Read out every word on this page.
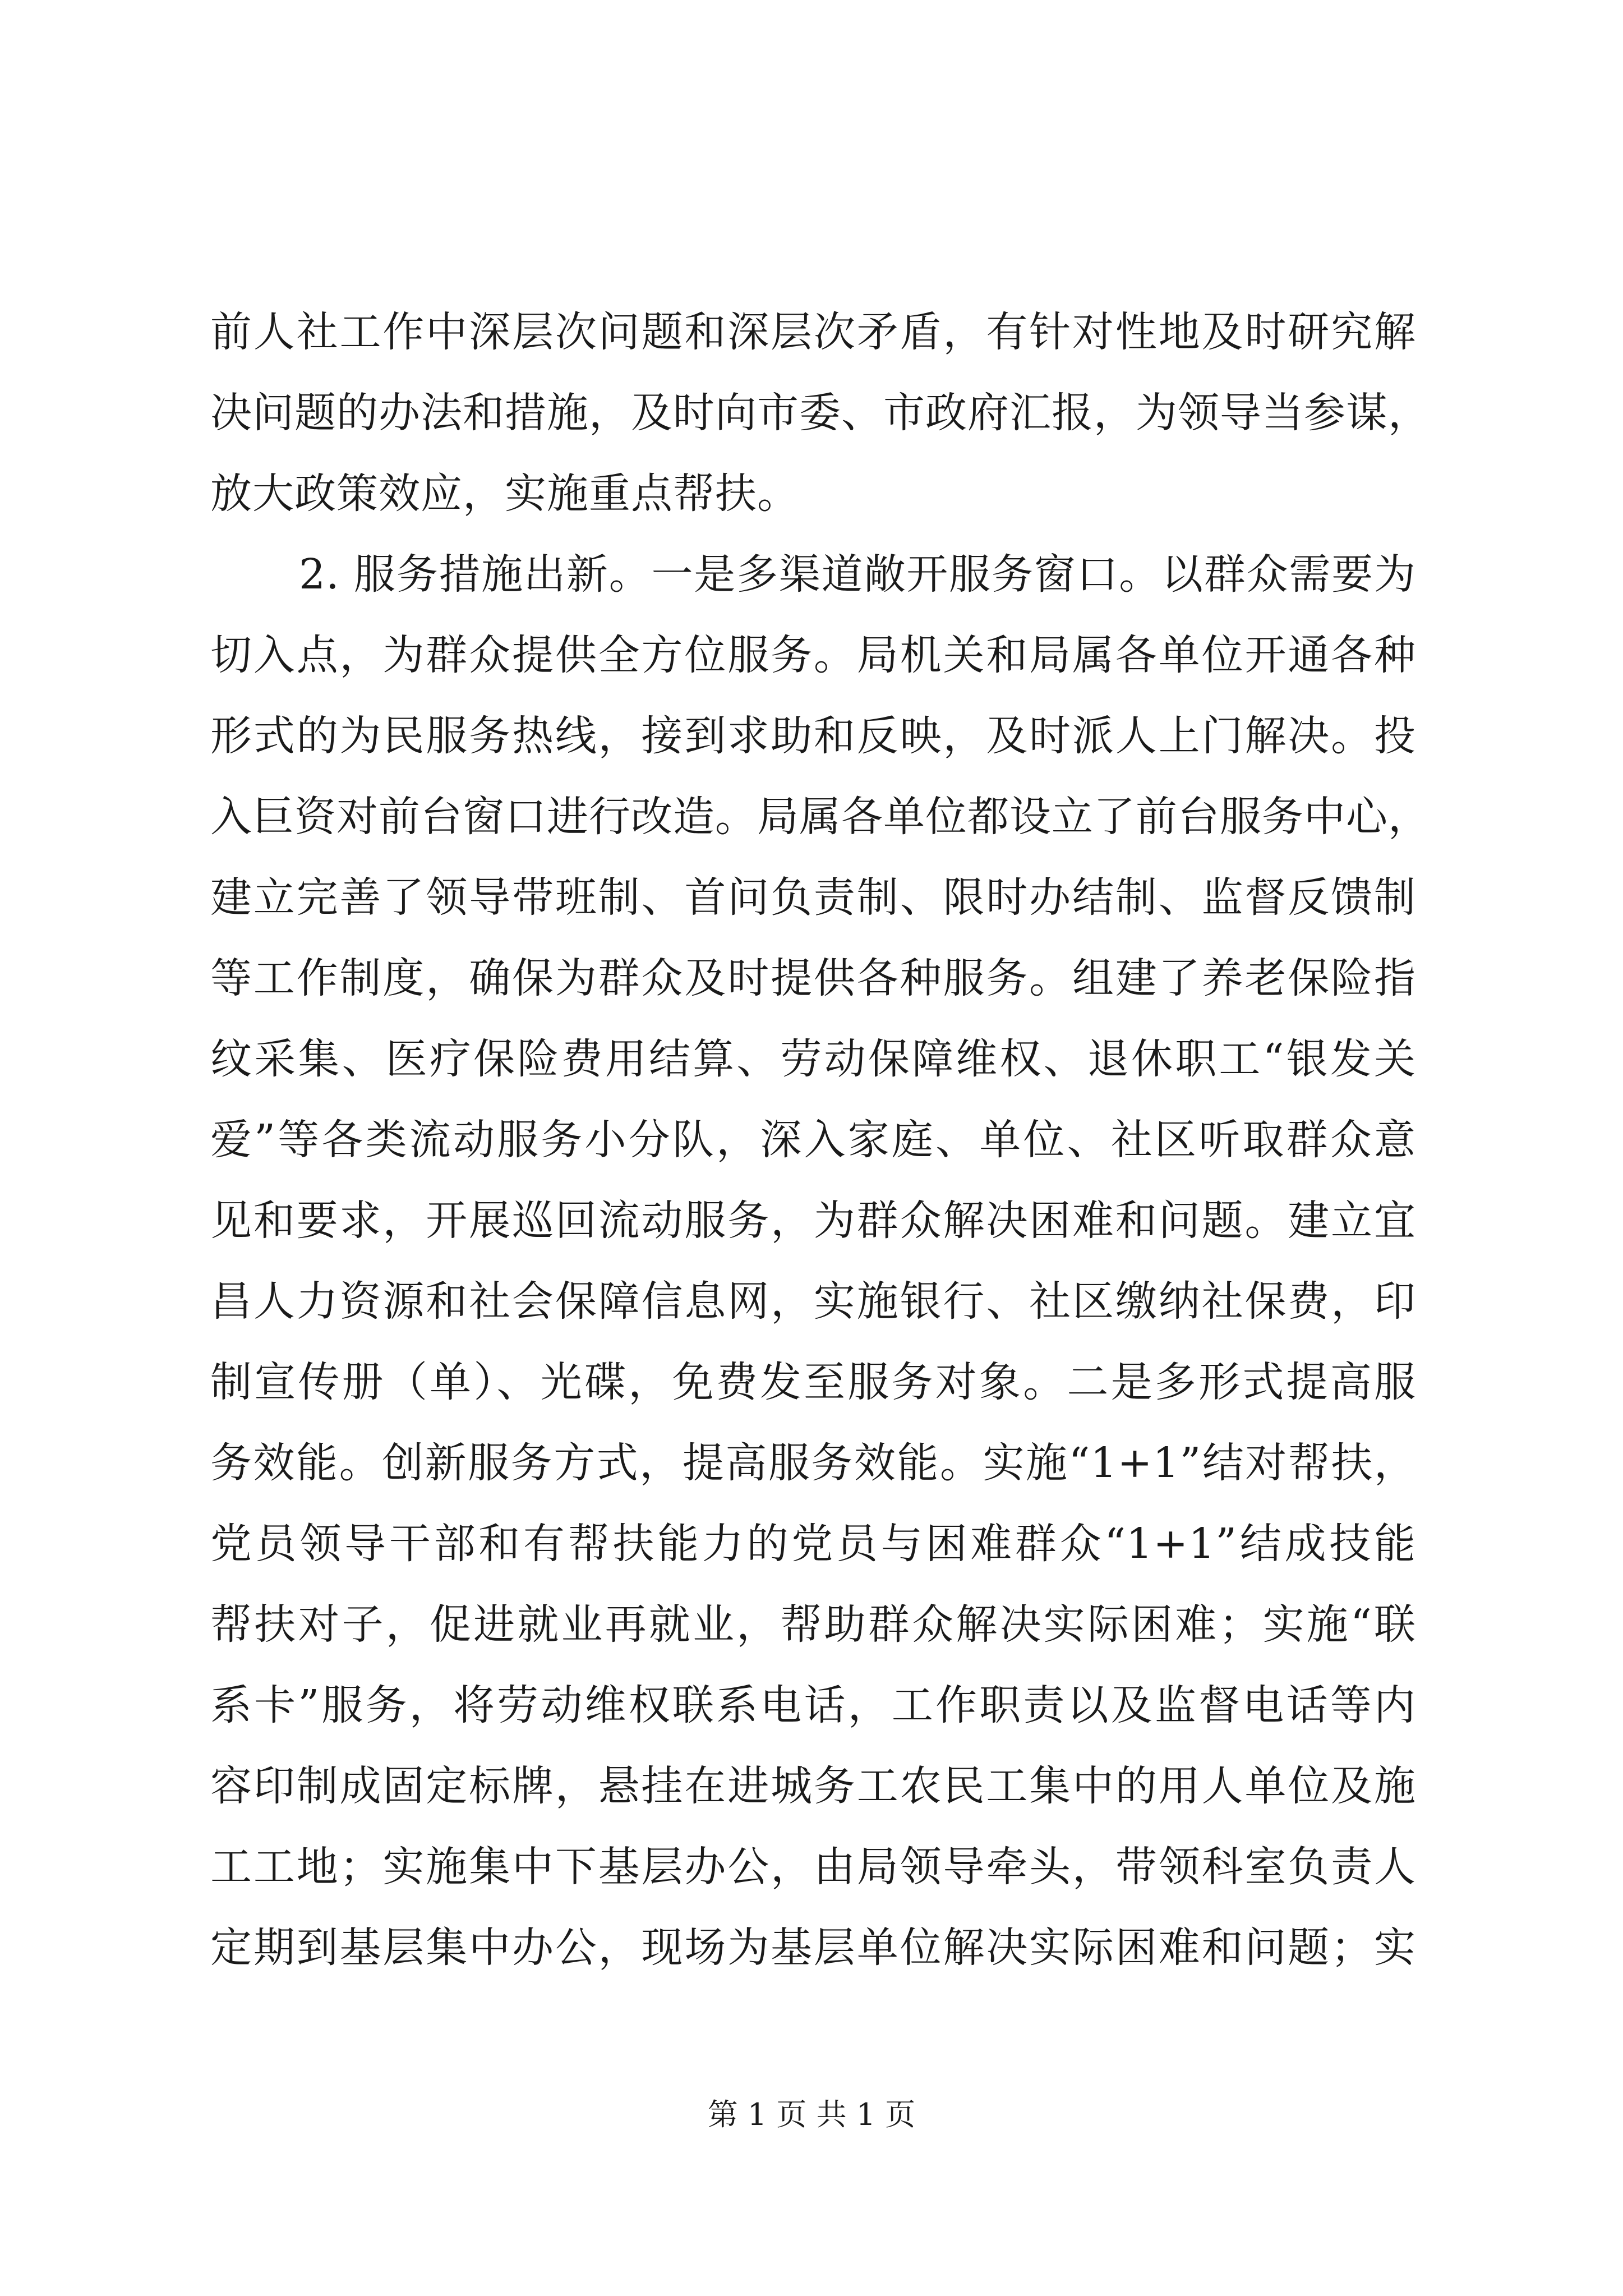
前人社工作中深层次问题和深层次矛盾，有针对性地及时研究解
决问题的办法和措施，及时向市委、市政府汇报，为领导当参谋，
放大政策效应，实施重点帮扶。
2. 服务措施出新。一是多渠道敞开服务窗口。以群众需要为
切入点，为群众提供全方位服务。局机关和局属各单位开通各种
形式的为民服务热线，接到求助和反映，及时派人上门解决。投
入巨资对前台窗口进行改造。局属各单位都设立了前台服务中心，
建立完善了领导带班制、首问负责制、限时办结制、监督反馈制
等工作制度，确保为群众及时提供各种服务。组建了养老保险指
纹采集、医疗保险费用结算、劳动保障维权、退休职工“银发关
爱”等各类流动服务小分队，深入家庭、单位、社区听取群众意
见和要求，开展巡回流动服务，为群众解决困难和问题。建立宜
昌人力资源和社会保障信息网，实施银行、社区缴纳社保费，印
制宣传册（单）、光碟，免费发至服务对象。二是多形式提高服
务效能。创新服务方式，提高服务效能。实施“1+1”结对帮扶，
党员领导干部和有帮扶能力的党员与困难群众“1+1”结成技能
帮扶对子，促进就业再就业，帮助群众解决实际困难；实施“联
系卡”服务，将劳动维权联系电话，工作职责以及监督电话等内
容印制成固定标牌，悬挂在进城务工农民工集中的用人单位及施
工工地；实施集中下基层办公，由局领导牵头，带领科室负责人
定期到基层集中办公，现场为基层单位解决实际困难和问题；实
第 1 页 共 1 页
